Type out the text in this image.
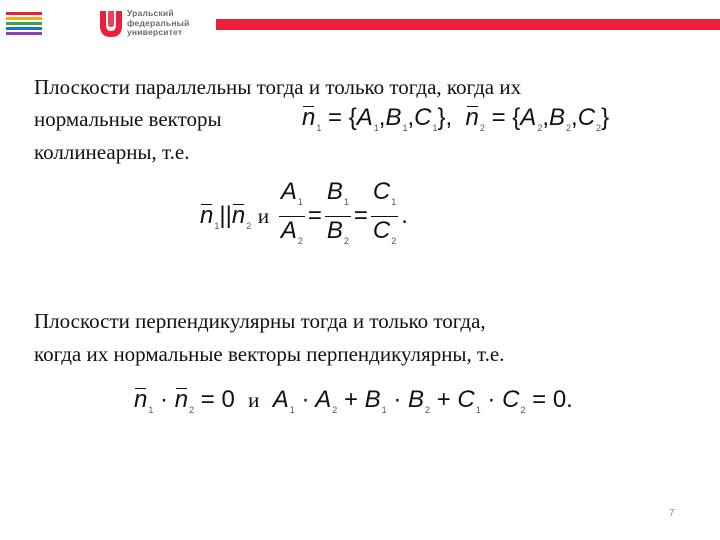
Уральский
федеральный
университет
Плоскости параллельны тогда и только тогда, когда их
нормальные векторы
коллинеарны, т.е.
$n_1 = \{A_1,B_1,C_1\}$, $n_2 = \{A_2,B_2,C_2\}$
$n_1||n_2$ и $\frac{A_1}{A_2} = \frac{B_1}{B_2} = \frac{C_1}{C_2}$ .
Плоскости перпендикулярны тогда и только тогда,
когда их нормальные векторы перпендикулярны, т.е.
$n_1 \cdot n_2 = 0$ и $A_1 \cdot A_2 + B_1 \cdot B_2 + C_1 \cdot C_2 = 0$.
7
